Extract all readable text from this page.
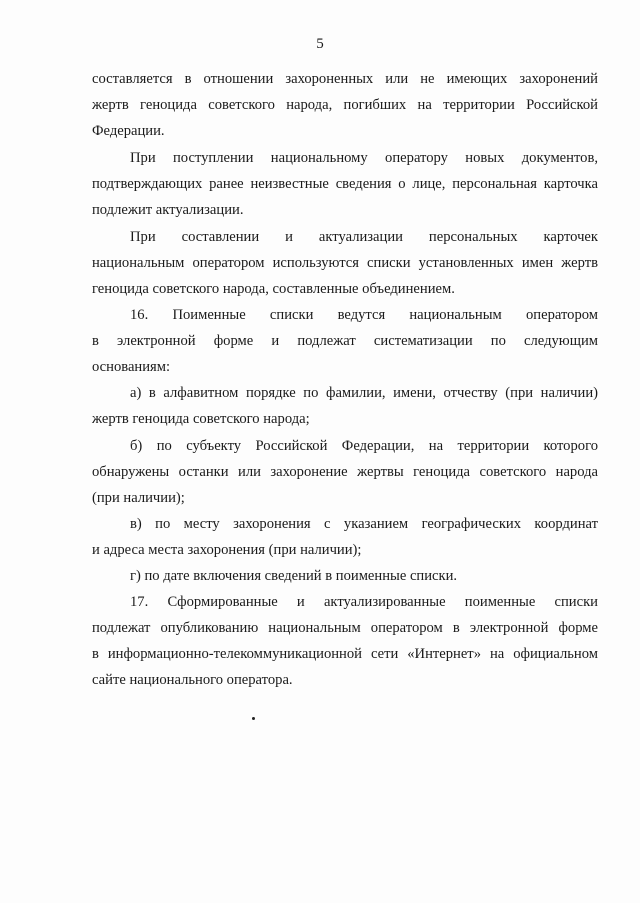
5
составляется в отношении захороненных или не имеющих захоронений
жертв геноцида советского народа, погибших на территории Российской
Федерации.
При поступлении национальному оператору новых документов,
подтверждающих ранее неизвестные сведения о лице, персональная карточка
подлежит актуализации.
При составлении и актуализации персональных карточек
национальным оператором используются списки установленных имен жертв
геноцида советского народа, составленные объединением.
16. Поименные списки ведутся национальным оператором
в электронной форме и подлежат систематизации по следующим
основаниям:
а) в алфавитном порядке по фамилии, имени, отчеству (при наличии)
жертв геноцида советского народа;
б) по субъекту Российской Федерации, на территории которого
обнаружены останки или захоронение жертвы геноцида советского народа
(при наличии);
в) по месту захоронения с указанием географических координат
и адреса места захоронения (при наличии);
г) по дате включения сведений в поименные списки.
17. Сформированные и актуализированные поименные списки
подлежат опубликованию национальным оператором в электронной форме
в информационно-телекоммуникационной сети «Интернет» на официальном
сайте национального оператора.
